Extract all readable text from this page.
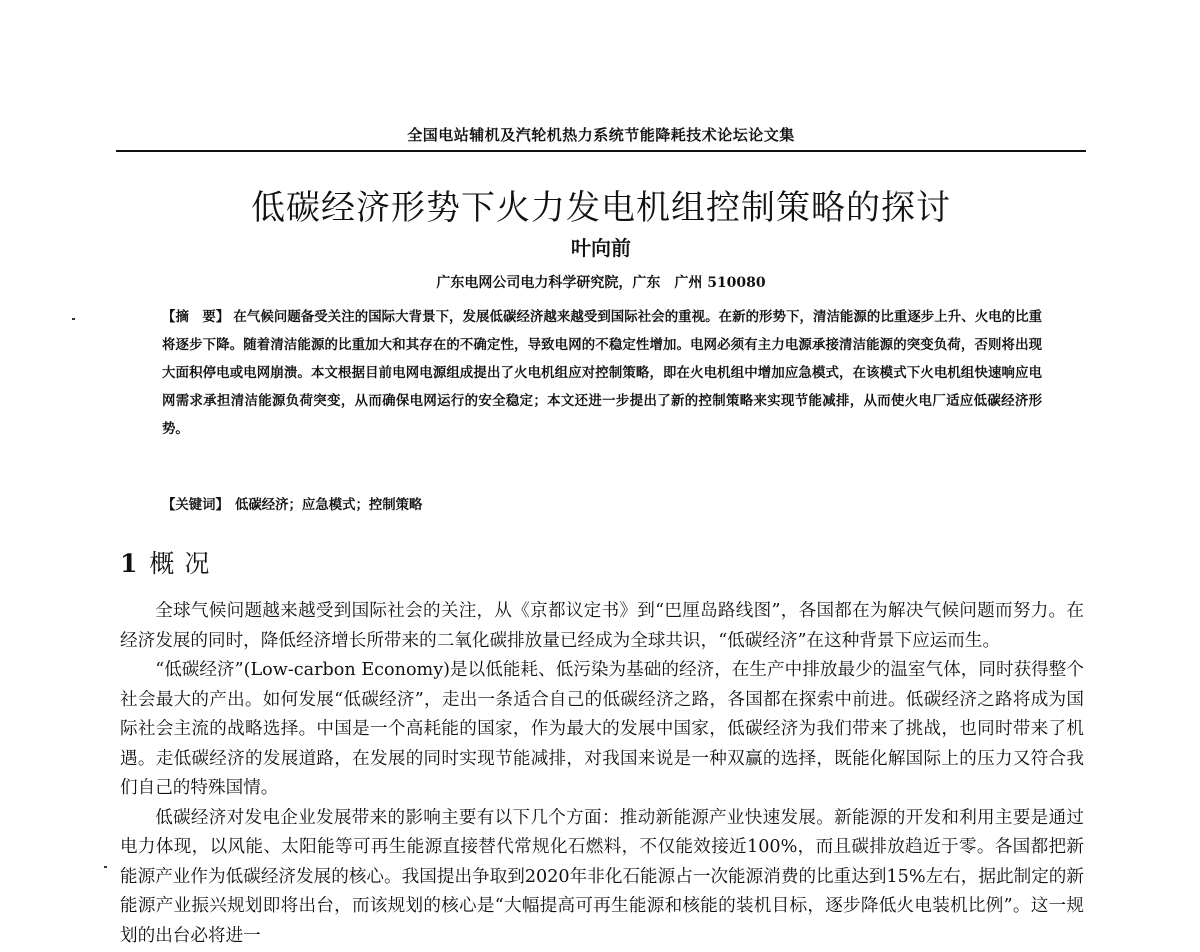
全国电站辅机及汽轮机热力系统节能降耗技术论坛论文集
低碳经济形势下火力发电机组控制策略的探讨
叶向前
广东电网公司电力科学研究院，广东　广州 510080
【摘　要】 在气候问题备受关注的国际大背景下，发展低碳经济越来越受到国际社会的重视。在新的形势下，清洁能源的比重逐步上升、火电的比重将逐步下降。随着清洁能源的比重加大和其存在的不确定性，导致电网的不稳定性增加。电网必须有主力电源承接清洁能源的突变负荷，否则将出现大面积停电或电网崩溃。本文根据目前电网电源组成提出了火电机组应对控制策略，即在火电机组中增加应急模式，在该模式下火电机组快速响应电网需求承担清洁能源负荷突变，从而确保电网运行的安全稳定；本文还进一步提出了新的控制策略来实现节能减排，从而使火电厂适应低碳经济形势。
【关键词】 低碳经济；应急模式；控制策略
1 概况

全球气候问题越来越受到国际社会的关注，从《京都议定书》到“巴厘岛路线图”，各国都在为解决气候问题而努力。在经济发展的同时，降低经济增长所带来的二氧化碳排放量已经成为全球共识，“低碳经济”在这种背景下应运而生。

“低碳经济”(Low-carbon Economy)是以低能耗、低污染为基础的经济，在生产中排放最少的温室气体，同时获得整个社会最大的产出。如何发展“低碳经济”，走出一条适合自己的低碳经济之路，各国都在探索中前进。低碳经济之路将成为国际社会主流的战略选择。中国是一个高耗能的国家，作为最大的发展中国家，低碳经济为我们带来了挑战，也同时带来了机遇。走低碳经济的发展道路，在发展的同时实现节能减排，对我国来说是一种双赢的选择，既能化解国际上的压力又符合我们自己的特殊国情。

低碳经济对发电企业发展带来的影响主要有以下几个方面：推动新能源产业快速发展。新能源的开发和利用主要是通过电力体现，以风能、太阳能等可再生能源直接替代常规化石燃料，不仅能效接近100%，而且碳排放趋近于零。各国都把新能源产业作为低碳经济发展的核心。我国提出争取到2020年非化石能源占一次能源消费的比重达到15%左右，据此制定的新能源产业振兴规划即将出台，而该规划的核心是“大幅提高可再生能源和核能的装机目标，逐步降低火电装机比例”。这一规划的出台必将进一
